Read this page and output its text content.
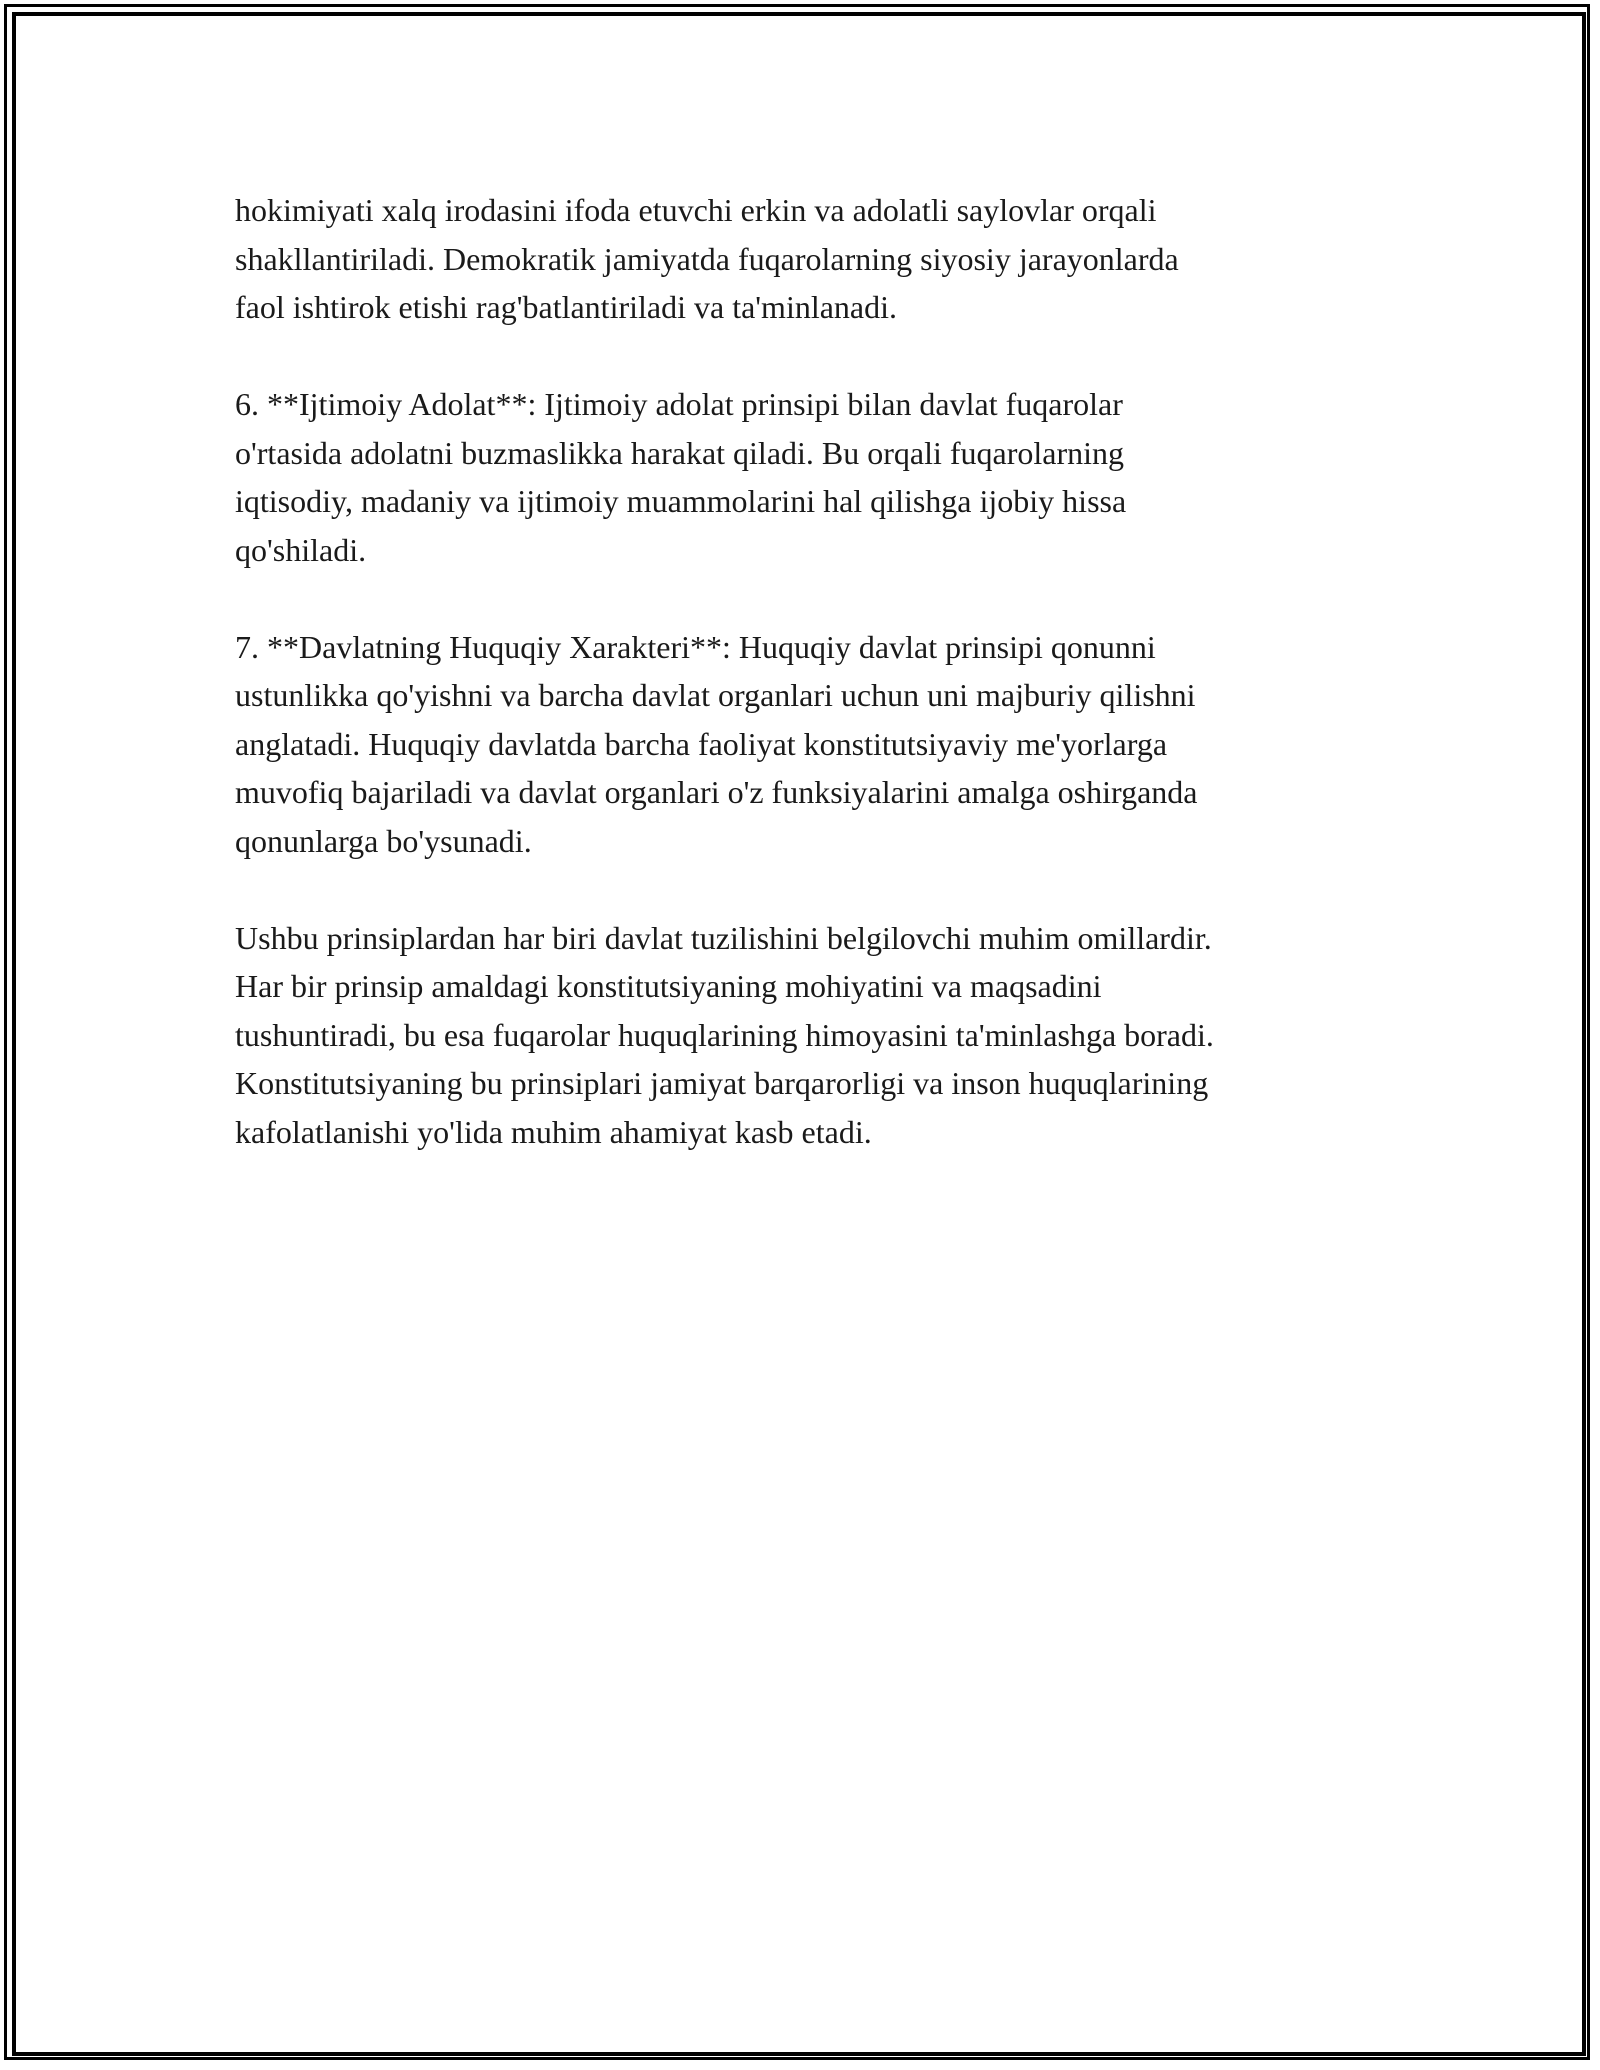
hokimiyati xalq irodasini ifoda etuvchi erkin va adolatli saylovlar orqali
shakllantiriladi. Demokratik jamiyatda fuqarolarning siyosiy jarayonlarda
faol ishtirok etishi rag'batlantiriladi va ta'minlanadi.

6. **Ijtimoiy Adolat**: Ijtimoiy adolat prinsipi bilan davlat fuqarolar
o'rtasida adolatni buzmaslikka harakat qiladi. Bu orqali fuqarolarning
iqtisodiy, madaniy va ijtimoiy muammolarini hal qilishga ijobiy hissa
qo'shiladi.

7. **Davlatning Huquqiy Xarakteri**: Huquqiy davlat prinsipi qonunni
ustunlikka qo'yishni va barcha davlat organlari uchun uni majburiy qilishni
anglatadi. Huquqiy davlatda barcha faoliyat konstitutsiyaviy me'yorlarga
muvofiq bajariladi va davlat organlari o'z funksiyalarini amalga oshirganda
qonunlarga bo'ysunadi.

Ushbu prinsiplardan har biri davlat tuzilishini belgilovchi muhim omillardir.
Har bir prinsip amaldagi konstitutsiyaning mohiyatini va maqsadini
tushuntiradi, bu esa fuqarolar huquqlarining himoyasini ta'minlashga boradi.
Konstitutsiyaning bu prinsiplari jamiyat barqarorligi va inson huquqlarining
kafolatlanishi yo'lida muhim ahamiyat kasb etadi.
